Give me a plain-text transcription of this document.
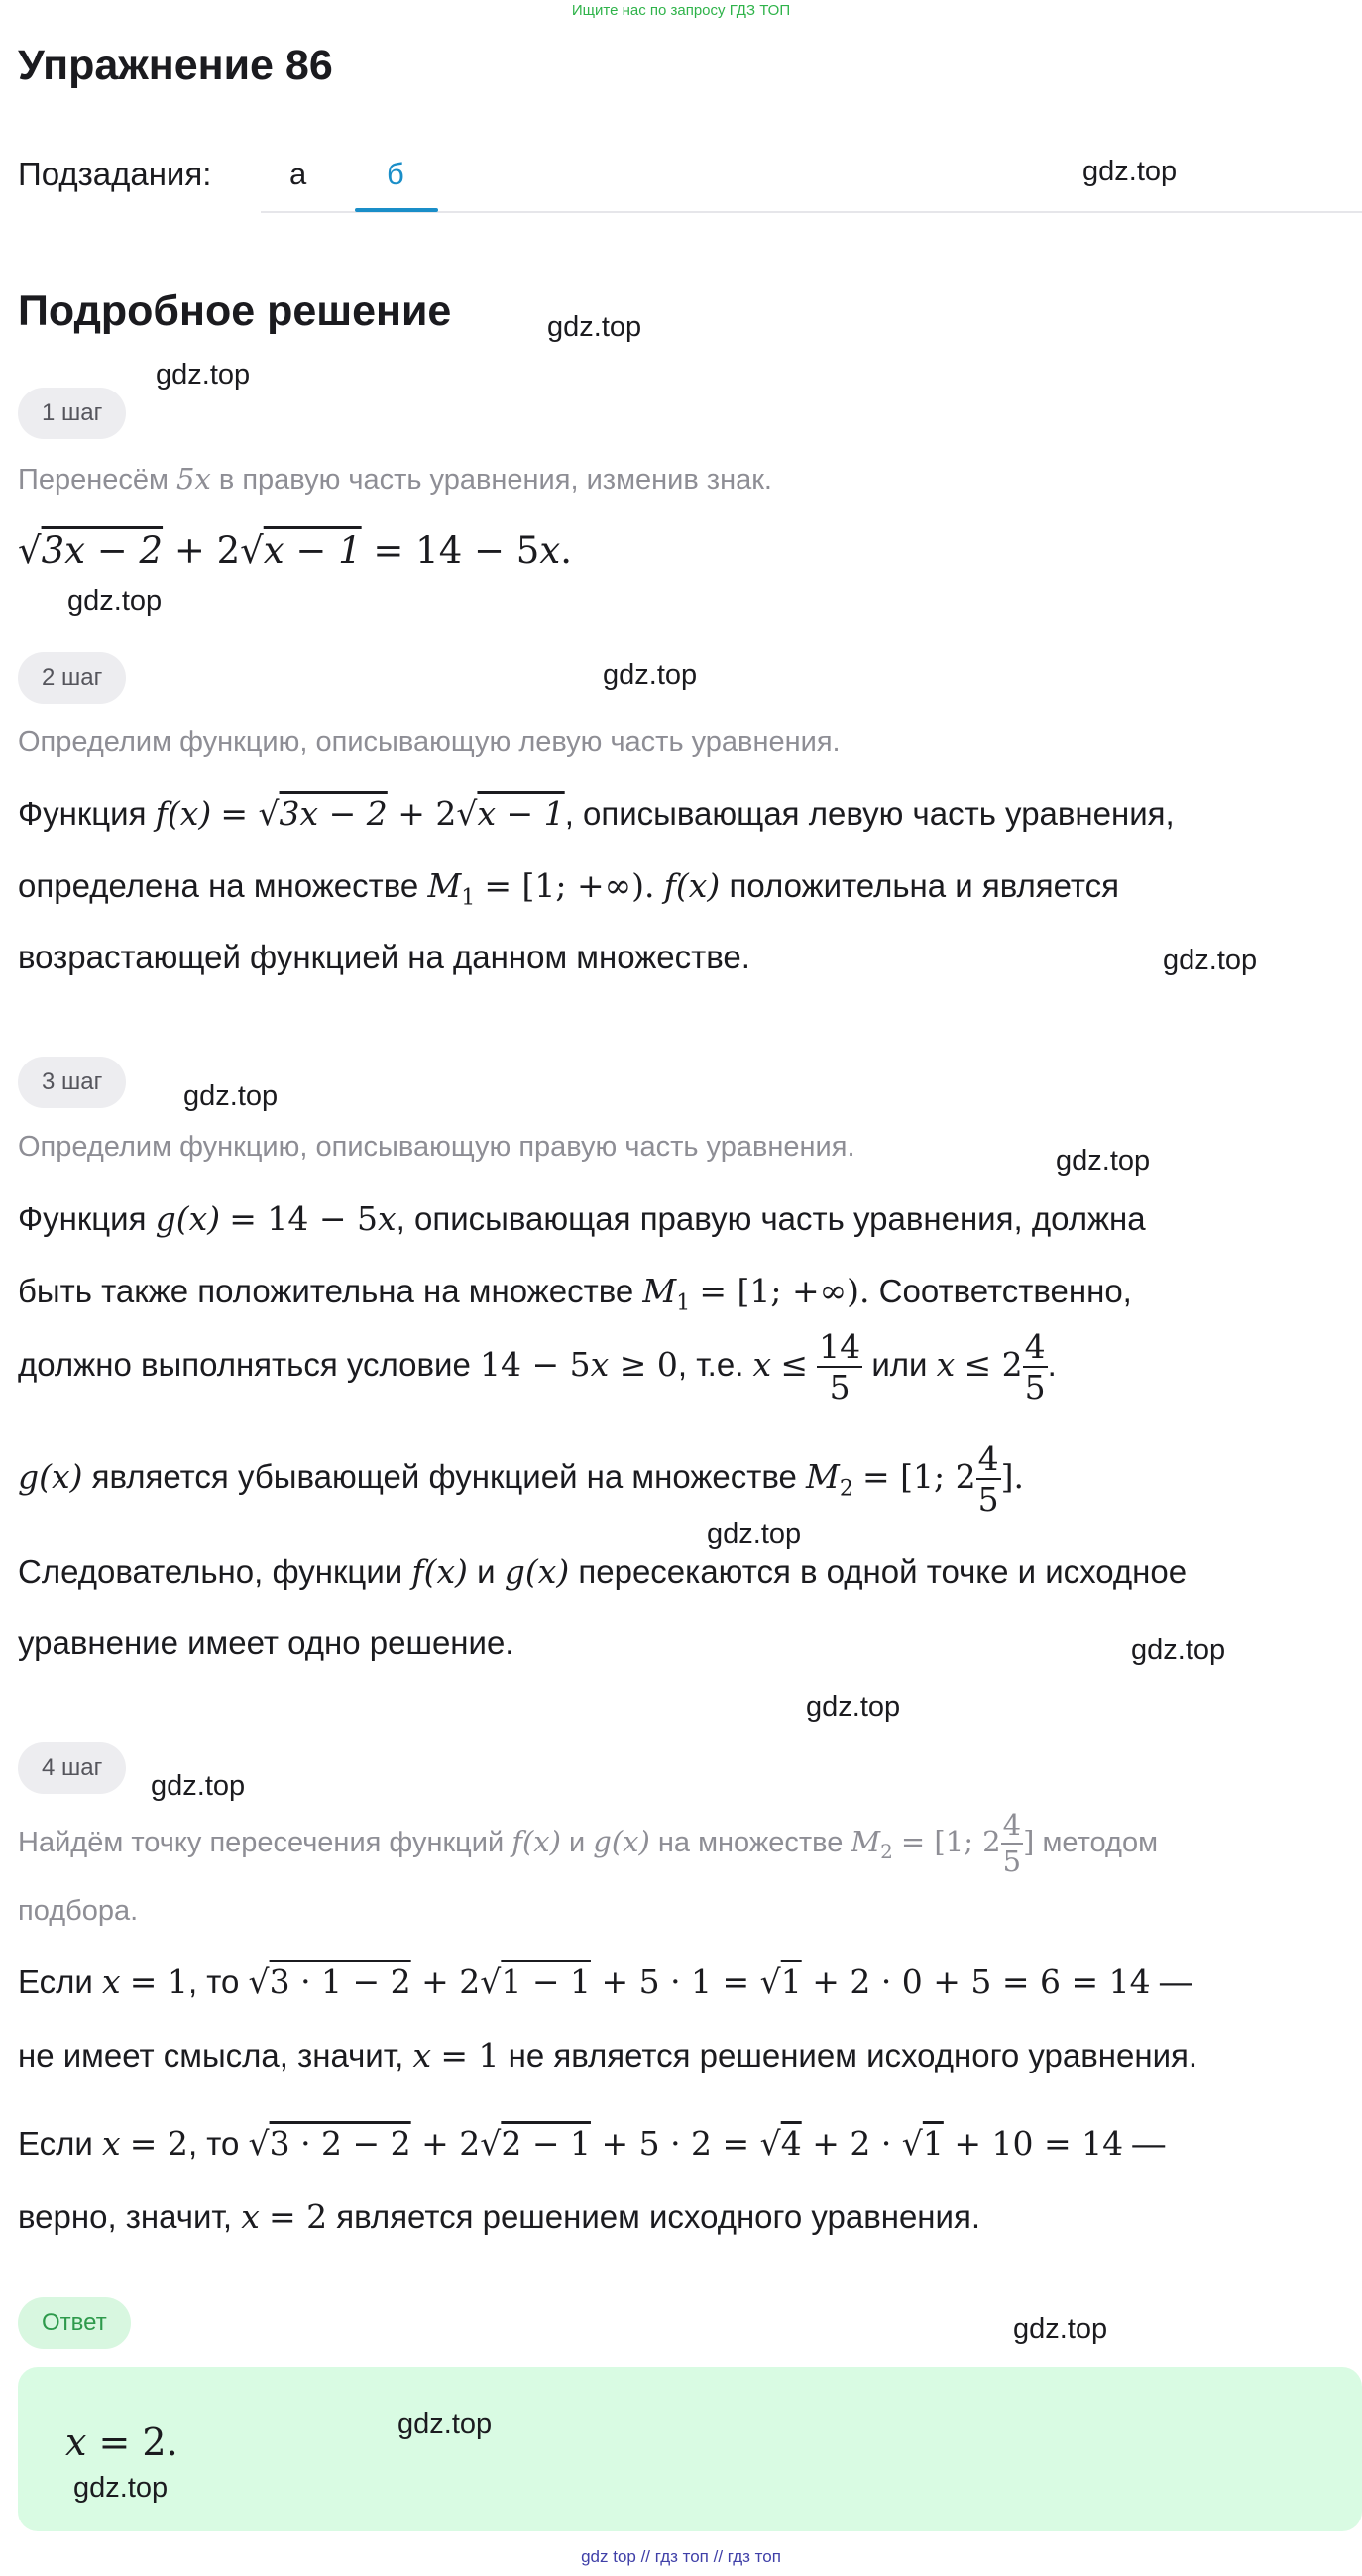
Ищите нас по запросу ГДЗ ТОП
Упражнение 86
Подзадания:	а	б	gdz.top
Подробное решение	gdz.top
gdz.top
1 шаг
Перенесём 5x в правую часть уравнения, изменив знак.
√3x − 2 + 2√x − 1 = 14 − 5x.
gdz.top
2 шаг	gdz.top
Определим функцию, описывающую левую часть уравнения.
Функция f(x) = √3x − 2 + 2√x − 1, описывающая левую часть уравнения,
определена на множестве $M_1 = [1$; +∞). f(x) положительна и является
возрастающей функцией на данном множестве.	gdz.top
3 шаг	gdz.top
Определим функцию, описывающую правую часть уравнения.	gdz.top
Функция g(x) = 14 − 5x, описывающая правую часть уравнения, должна
быть также положительна на множестве $M_1 = [1$; +∞). Соответственно,
должно выполняться условие 14 − 5x ≥ 0, т.е. $x \le \frac{14}{5}$ или $x \le 2 \frac{4}{5}$ .
g(x) является убывающей функцией на множестве $M_2 = [1$; $2 \frac{4}{5}$ ].
gdz.top
Следовательно, функции f(x) и g(x) пересекаются в одной точке и исходное
уравнение имеет одно решение.	gdz.top
gdz.top
4 шаг
gdz.top
Найдём точку пересечения функций f(x) и g(x) на множестве $M_2 = [1$; $2 \frac{4}{5}$ ] методом
подбора.
Если x = 1, то √3 · 1 − 2 + 2√1 − 1 + 5 · 1 = √1 + 2 · 0 + 5 = 6 = 14 —
не имеет смысла, значит, x = 1 не является решением исходного уравнения.
Если x = 2, то √3 · 2 − 2 + 2√2 − 1 + 5 · 2 = √4 + 2 · √1 + 10 = 14 —
верно, значит, x = 2 является решением исходного уравнения.
Ответ	gdz.top
gdz.top
x = 2.
gdz.top
gdz top // гдз топ // гдз топ
